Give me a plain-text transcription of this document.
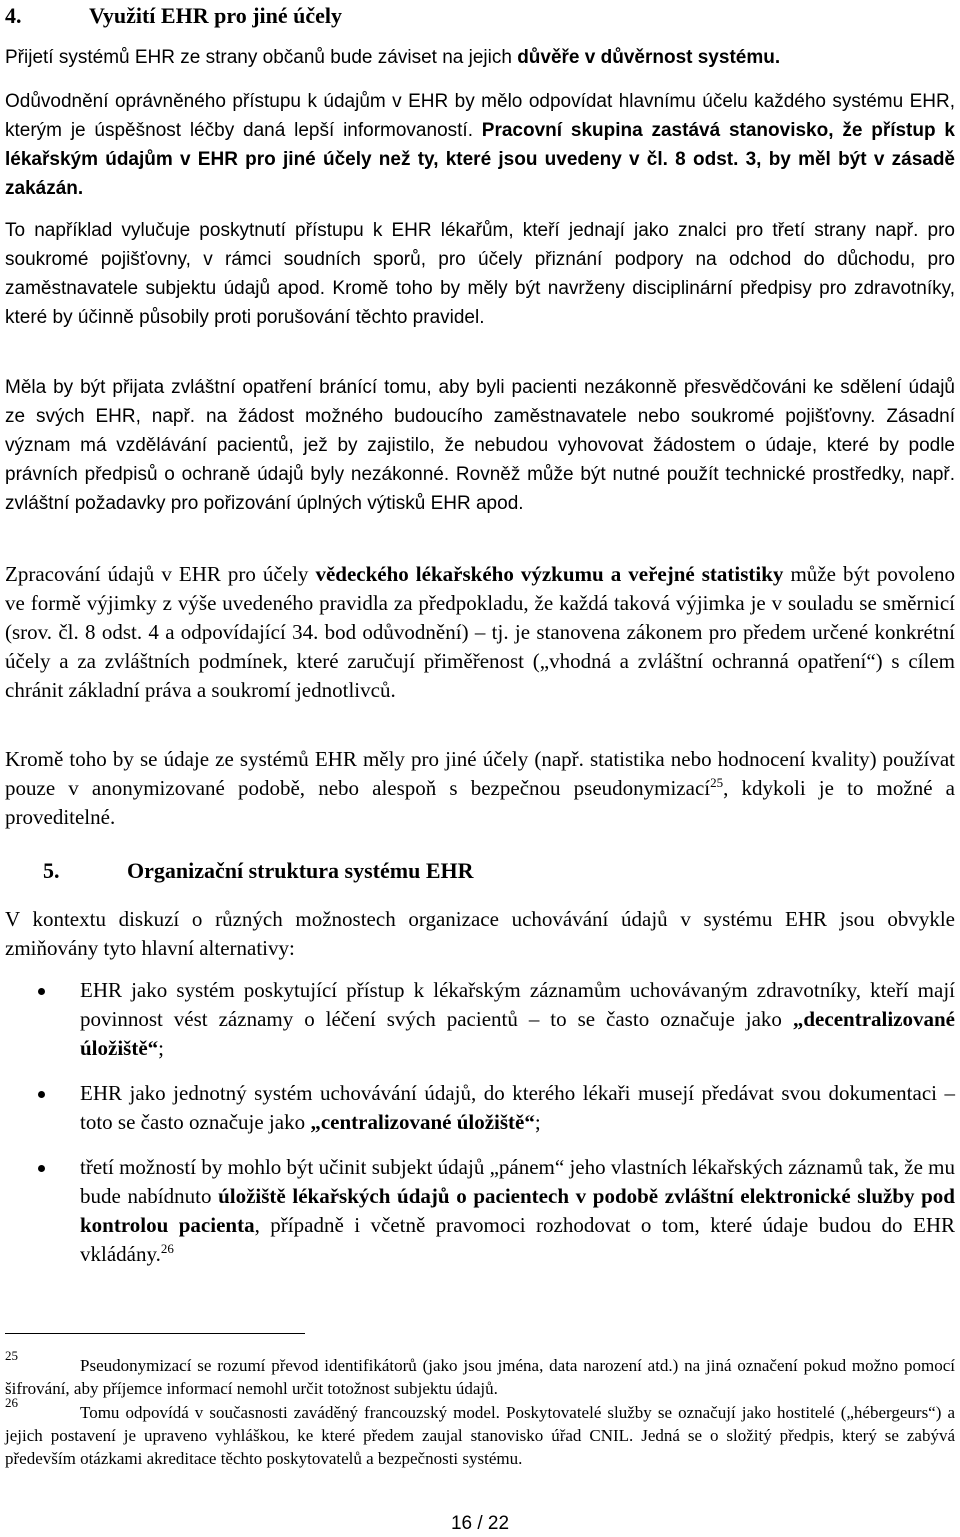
4.	Využití EHR pro jiné účely
Přijetí systémů EHR ze strany občanů bude záviset na jejich důvěře v důvěrnost systému.
Odůvodnění oprávněného přístupu k údajům v EHR by mělo odpovídat hlavnímu účelu každého systému EHR, kterým je úspěšnost léčby daná lepší informovaností. Pracovní skupina zastává stanovisko, že přístup k lékařským údajům v EHR pro jiné účely než ty, které jsou uvedeny v čl. 8 odst. 3, by měl být v zásadě zakázán.
To například vylučuje poskytnutí přístupu k EHR lékařům, kteří jednají jako znalci pro třetí strany např. pro soukromé pojišťovny, v rámci soudních sporů, pro účely přiznání podpory na odchod do důchodu, pro zaměstnavatele subjektu údajů apod. Kromě toho by měly být navrženy disciplinární předpisy pro zdravotníky, které by účinně působily proti porušování těchto pravidel.
Měla by být přijata zvláštní opatření bránící tomu, aby byli pacienti nezákonně přesvědčováni ke sdělení údajů ze svých EHR, např. na žádost možného budoucího zaměstnavatele nebo soukromé pojišťovny. Zásadní význam má vzdělávání pacientů, jež by zajistilo, že nebudou vyhovovat žádostem o údaje, které by podle právních předpisů o ochraně údajů byly nezákonné. Rovněž může být nutné použít technické prostředky, např. zvláštní požadavky pro pořizování úplných výtisků EHR apod.
Zpracování údajů v EHR pro účely vědeckého lékařského výzkumu a veřejné statistiky může být povoleno ve formě výjimky z výše uvedeného pravidla za předpokladu, že každá taková výjimka je v souladu se směrnicí (srov. čl. 8 odst. 4 a odpovídající 34. bod odůvodnění) – tj. je stanovena zákonem pro předem určené konkrétní účely a za zvláštních podmínek, které zaručují přiměřenost („vhodná a zvláštní ochranná opatření“) s cílem chránit základní práva a soukromí jednotlivců.
Kromě toho by se údaje ze systémů EHR měly pro jiné účely (např. statistika nebo hodnocení kvality) používat pouze v anonymizované podobě, nebo alespoň s bezpečnou pseudonymizací$^{25}$, kdykoli je to možné a proveditelné.
5.	Organizační struktura systému EHR
V kontextu diskuzí o různých možnostech organizace uchovávání údajů v systému EHR jsou obvykle zmiňovány tyto hlavní alternativy:
EHR jako systém poskytující přístup k lékařským záznamům uchovávaným zdravotníky, kteří mají povinnost vést záznamy o léčení svých pacientů – to se často označuje jako „decentralizované úložiště“;
EHR jako jednotný systém uchovávání údajů, do kterého lékaři musejí předávat svou dokumentaci – toto se často označuje jako „centralizované úložiště“;
třetí možností by mohlo být učinit subjekt údajů „pánem“ jeho vlastních lékařských záznamů tak, že mu bude nabídnuto úložiště lékařských údajů o pacientech v podobě zvláštní elektronické služby pod kontrolou pacienta, případně i včetně pravomoci rozhodovat o tom, které údaje budou do EHR vkládány.$^{26}$
25
Pseudonymizací se rozumí převod identifikátorů (jako jsou jména, data narození atd.) na jiná označení pokud možno pomocí šifrování, aby příjemce informací nemohl určit totožnost subjektu údajů.
26
Tomu odpovídá v současnosti zaváděný francouzský model. Poskytovatelé služby se označují jako hostitelé („hébergeurs“) a jejich postavení je upraveno vyhláškou, ke které předem zaujal stanovisko úřad CNIL. Jedná se o složitý předpis, který se zabývá především otázkami akreditace těchto poskytovatelů a bezpečnosti systému.
16 / 22
